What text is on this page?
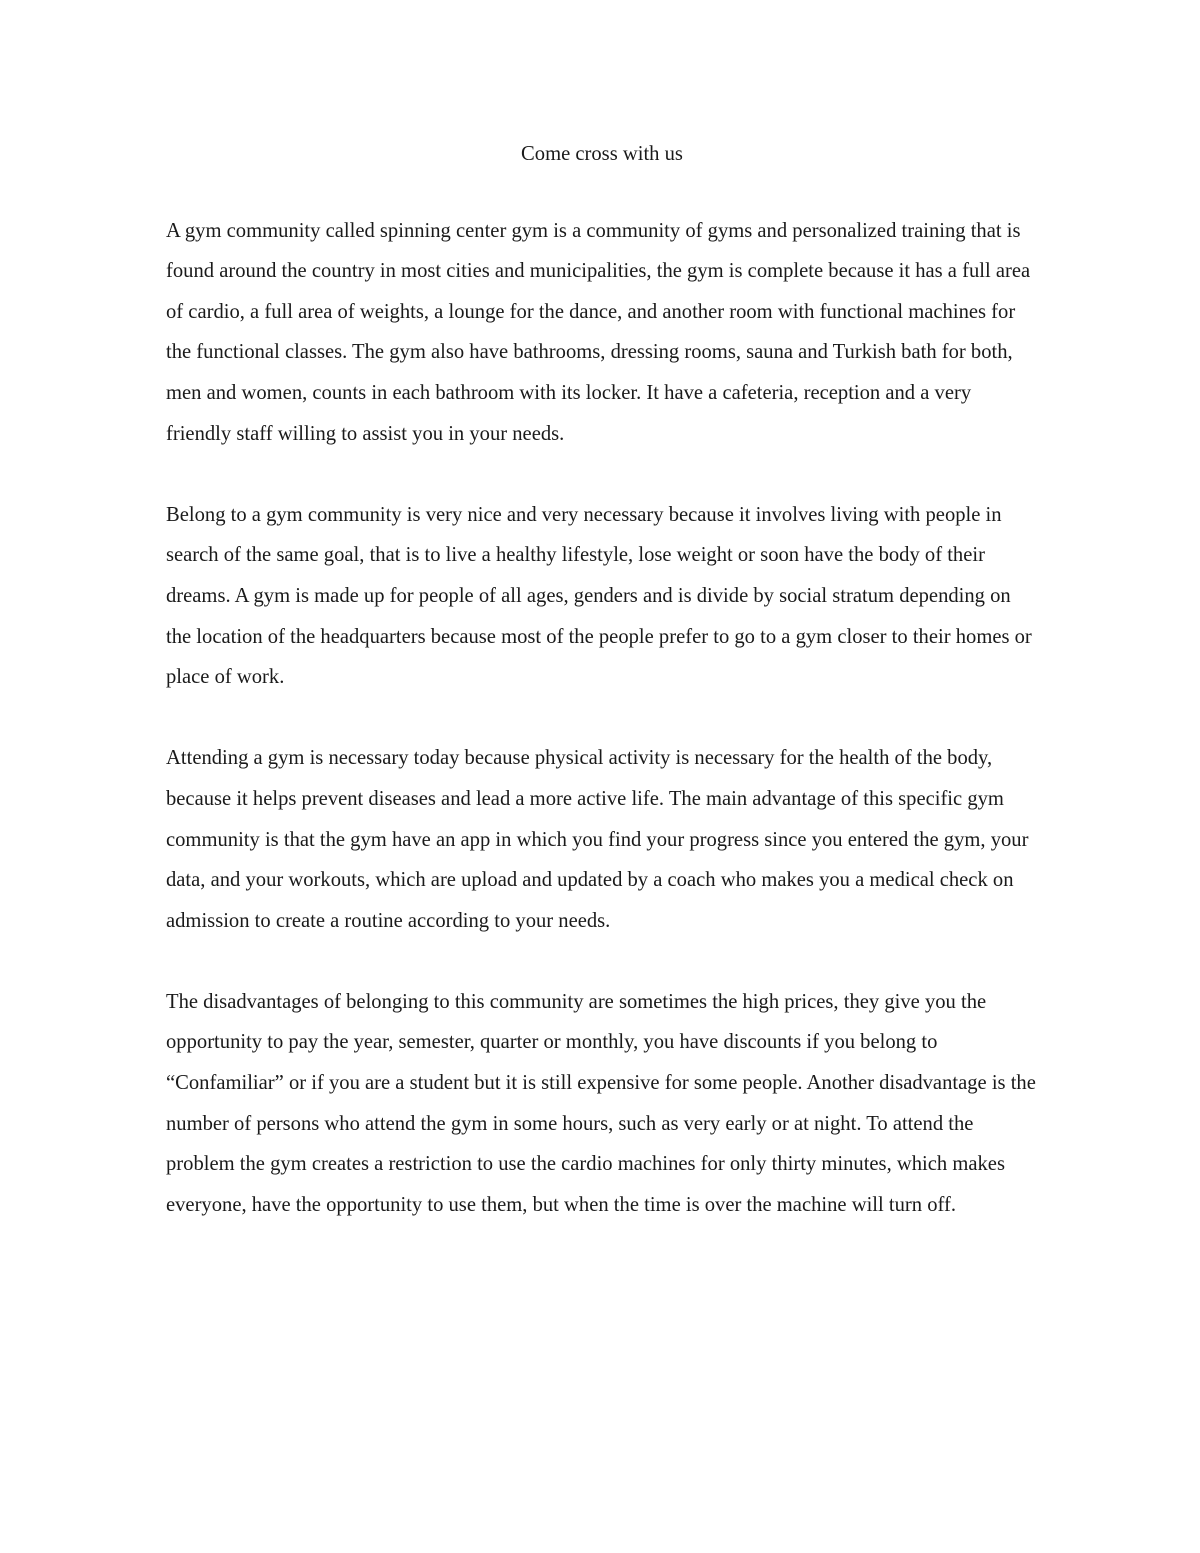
Come cross with us

A gym community called spinning center gym is a community of gyms and personalized training that is found around the country in most cities and municipalities, the gym is complete because it has a full area of cardio, a full area of weights, a lounge for the dance, and another room with functional machines for the functional classes. The gym also have bathrooms, dressing rooms, sauna and Turkish bath for both, men and women, counts in each bathroom with its locker. It have a cafeteria, reception and a very friendly staff willing to assist you in your needs.

Belong to a gym community is very nice and very necessary because it involves living with people in search of the same goal, that is to live a healthy lifestyle, lose weight or soon have the body of their dreams. A gym is made up for people of all ages, genders and is divide by social stratum depending on the location of the headquarters because most of the people prefer to go to a gym closer to their homes or place of work.

Attending a gym is necessary today because physical activity is necessary for the health of the body, because it helps prevent diseases and lead a more active life. The main advantage of this specific gym community is that the gym have an app in which you find your progress since you entered the gym, your data, and your workouts, which are upload and updated by a coach who makes you a medical check on admission to create a routine according to your needs.

The disadvantages of belonging to this community are sometimes the high prices, they give you the opportunity to pay the year, semester, quarter or monthly, you have discounts if you belong to “Confamiliar” or if you are a student but it is still expensive for some people. Another disadvantage is the number of persons who attend the gym in some hours, such as very early or at night. To attend the problem the gym creates a restriction to use the cardio machines for only thirty minutes, which makes everyone, have the opportunity to use them, but when the time is over the machine will turn off.
